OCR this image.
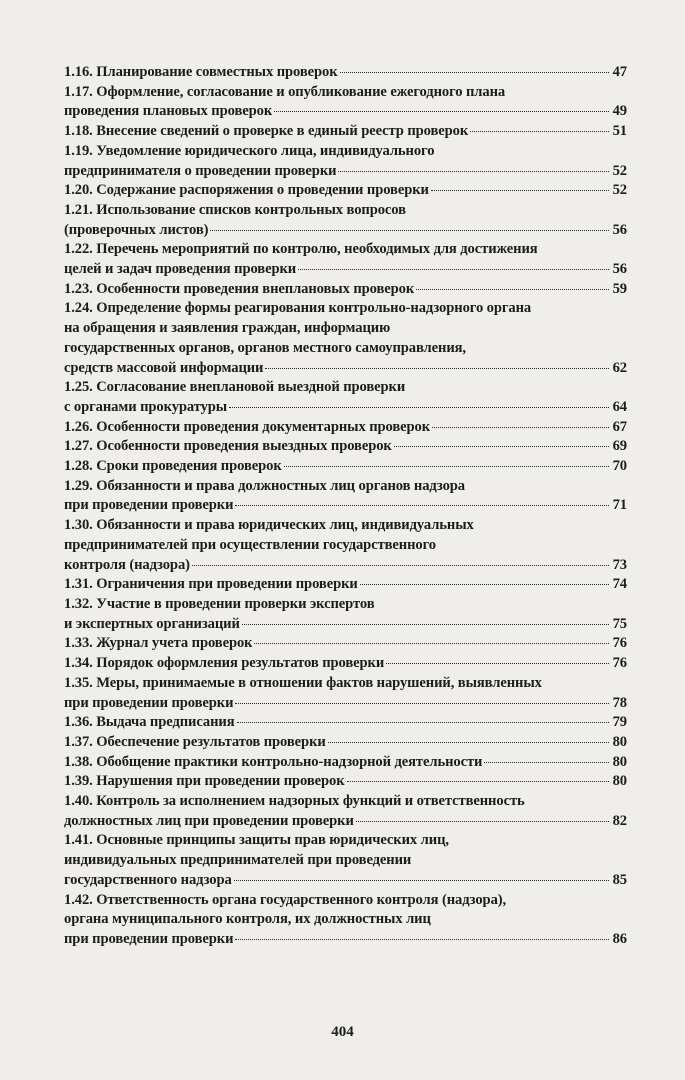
1.16. Планирование совместных проверок	47
1.17. Оформление, согласование и опубликование ежегодного плана
проведения плановых проверок	49
1.18. Внесение сведений о проверке в единый реестр проверок	51
1.19. Уведомление юридического лица, индивидуального
предпринимателя о проведении проверки	52
1.20. Содержание распоряжения о проведении проверки	52
1.21. Использование списков контрольных вопросов
(проверочных листов)	56
1.22. Перечень мероприятий по контролю, необходимых для достижения
целей и задач проведения проверки	56
1.23. Особенности проведения внеплановых проверок	59
1.24. Определение формы реагирования контрольно-надзорного органа
на обращения и заявления граждан, информацию
государственных органов, органов местного самоуправления,
средств массовой информации	62
1.25. Согласование внеплановой выездной проверки
с органами прокуратуры	64
1.26. Особенности проведения документарных проверок	67
1.27. Особенности проведения выездных проверок	69
1.28. Сроки проведения проверок	70
1.29. Обязанности и права должностных лиц органов надзора
при проведении проверки	71
1.30. Обязанности и права юридических лиц, индивидуальных
предпринимателей при осуществлении государственного
контроля (надзора)	73
1.31. Ограничения при проведении проверки	74
1.32. Участие в проведении проверки экспертов
и экспертных организаций	75
1.33. Журнал учета проверок	76
1.34. Порядок оформления результатов проверки	76
1.35. Меры, принимаемые в отношении фактов нарушений, выявленных
при проведении проверки	78
1.36. Выдача предписания	79
1.37. Обеспечение результатов проверки	80
1.38. Обобщение практики контрольно-надзорной деятельности	80
1.39. Нарушения при проведении проверок	80
1.40. Контроль за исполнением надзорных функций и ответственность
должностных лиц при проведении проверки	82
1.41. Основные принципы защиты прав юридических лиц,
индивидуальных предпринимателей при проведении
государственного надзора	85
1.42. Ответственность органа государственного контроля (надзора),
органа муниципального контроля, их должностных лиц
при проведении проверки	86
404
